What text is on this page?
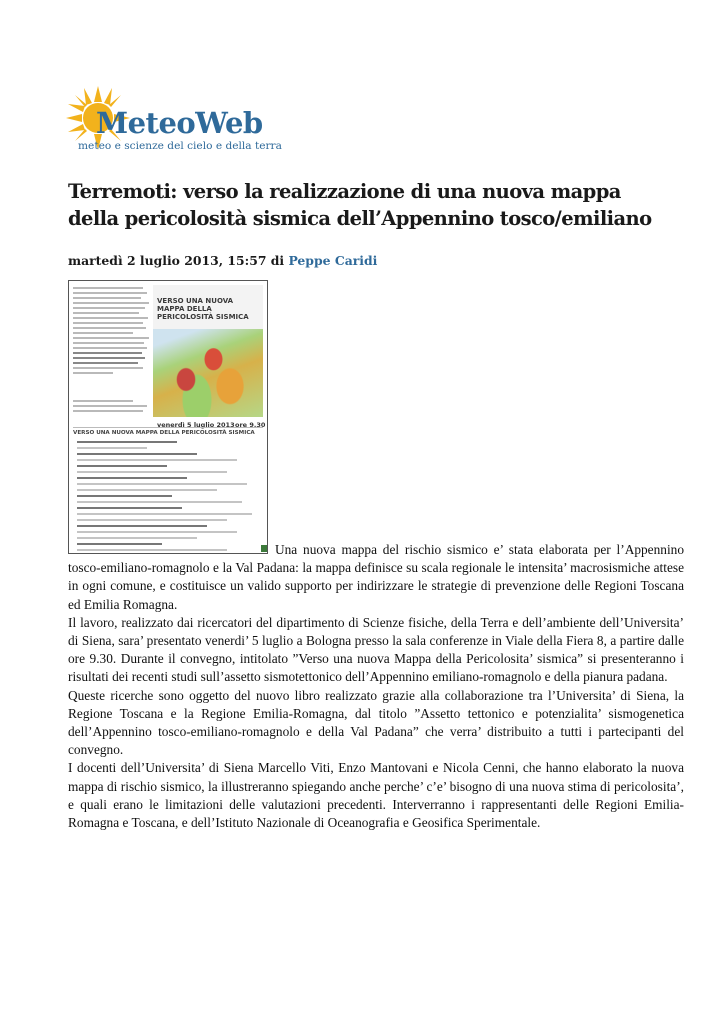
MeteoWeb
meteo e scienze del cielo e della terra
Terremoti: verso la realizzazione di una nuova mappa della pericolosità sismica dell’Appennino tosco/emiliano
martedì 2 luglio 2013, 15:57 di Peppe Caridi
VERSO UNA NUOVA MAPPA DELLA PERICOLOSITÀ SISMICA
venerdì 5 luglio 2013 ore 9.30
VERSO UNA NUOVA MAPPA DELLA PERICOLOSITÀ SISMICA

Una nuova mappa del rischio sismico e’ stata elaborata per l’Appennino tosco-emiliano-romagnolo e la Val Padana: la mappa definisce su scala regionale le intensita’ macrosismiche attese in ogni comune, e costituisce un valido supporto per indirizzare le strategie di prevenzione delle Regioni Toscana ed Emilia Romagna.

Il lavoro, realizzato dai ricercatori del dipartimento di Scienze fisiche, della Terra e dell’ambiente dell’Universita’ di Siena, sara’ presentato venerdi’ 5 luglio a Bologna presso la sala conferenze in Viale della Fiera 8, a partire dalle ore 9.30. Durante il convegno, intitolato ”Verso una nuova Mappa della Pericolosita’ sismica” si presenteranno i risultati dei recenti studi sull’assetto sismotettonico dell’Appennino emiliano-romagnolo e della pianura padana.

Queste ricerche sono oggetto del nuovo libro realizzato grazie alla collaborazione tra l’Universita’ di Siena, la Regione Toscana e la Regione Emilia-Romagna, dal titolo ”Assetto tettonico e potenzialita’ sismogenetica dell’Appennino tosco-emiliano-romagnolo e della Val Padana” che verra’ distribuito a tutti i partecipanti del convegno.

I docenti dell’Universita’ di Siena Marcello Viti, Enzo Mantovani e Nicola Cenni, che hanno elaborato la nuova mappa di rischio sismico, la illustreranno spiegando anche perche’ c’e’ bisogno di una nuova stima di pericolosita’, e quali erano le limitazioni delle valutazioni precedenti. Interverranno i rappresentanti delle Regioni Emilia-Romagna e Toscana, e dell’Istituto Nazionale di Oceanografia e Geosifica Sperimentale.
